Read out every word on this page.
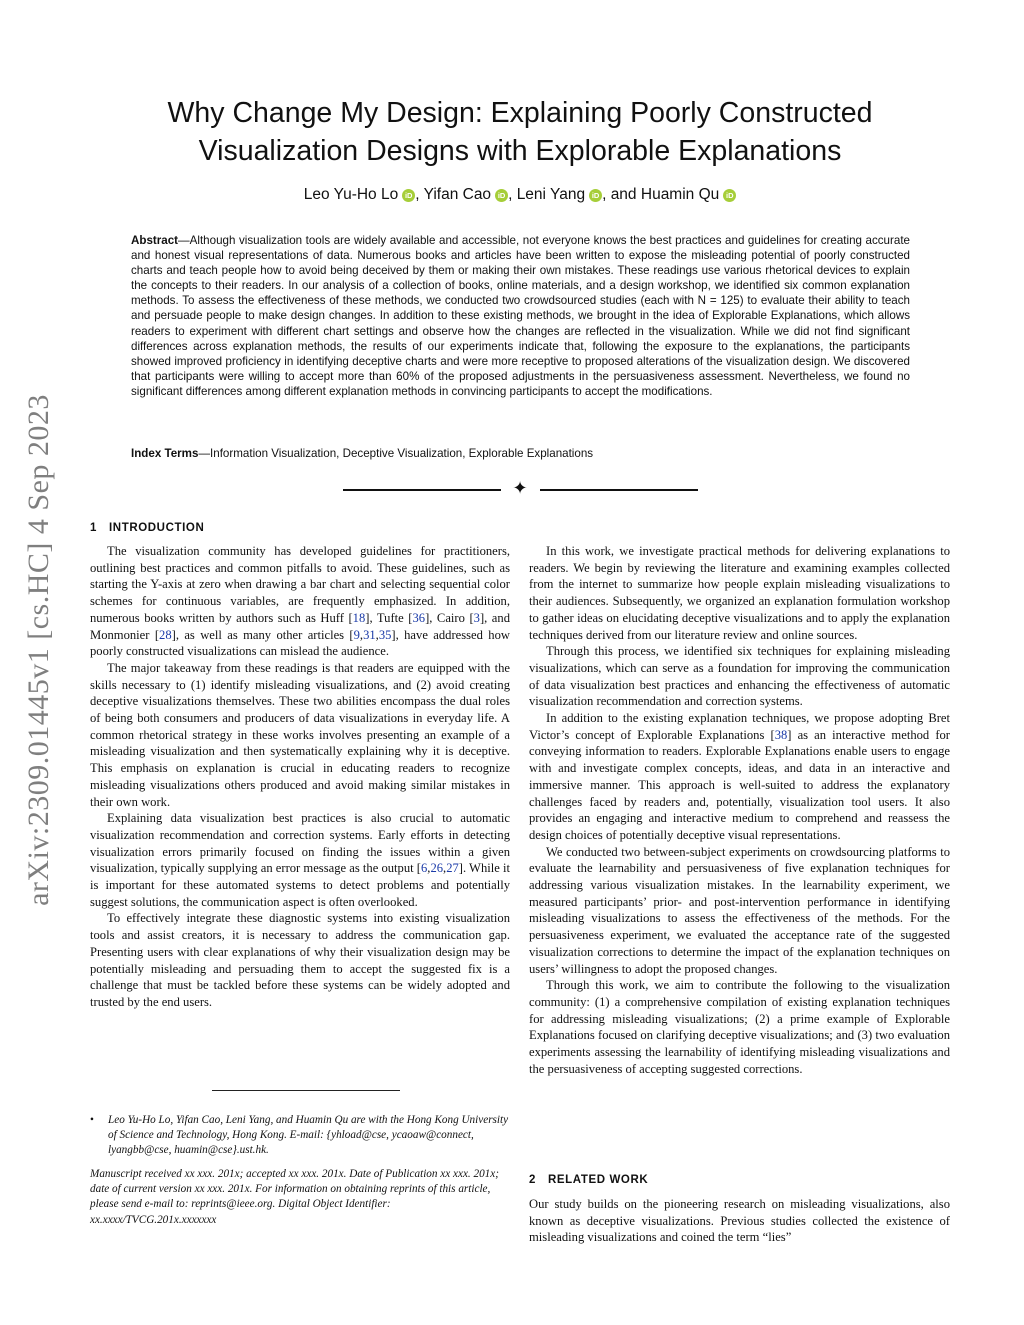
arXiv:2309.01445v1 [cs.HC] 4 Sep 2023
Why Change My Design: Explaining Poorly Constructed
Visualization Designs with Explorable Explanations
Leo Yu-Ho Lo iD , Yifan Cao iD , Leni Yang iD , and Huamin Qu iD
Abstract—Although visualization tools are widely available and accessible, not everyone knows the best practices and guidelines for creating accurate and honest visual representations of data. Numerous books and articles have been written to expose the misleading potential of poorly constructed charts and teach people how to avoid being deceived by them or making their own mistakes. These readings use various rhetorical devices to explain the concepts to their readers. In our analysis of a collection of books, online materials, and a design workshop, we identified six common explanation methods. To assess the effectiveness of these methods, we conducted two crowdsourced studies (each with N = 125) to evaluate their ability to teach and persuade people to make design changes. In addition to these existing methods, we brought in the idea of Explorable Explanations, which allows readers to experiment with different chart settings and observe how the changes are reflected in the visualization. While we did not find significant differences across explanation methods, the results of our experiments indicate that, following the exposure to the explanations, the participants showed improved proficiency in identifying deceptive charts and were more receptive to proposed alterations of the visualization design. We discovered that participants were willing to accept more than 60% of the proposed adjustments in the persuasiveness assessment. Nevertheless, we found no significant differences among different explanation methods in convincing participants to accept the modifications.
Index Terms—Information Visualization, Deceptive Visualization, Explorable Explanations
✦
1 INTRODUCTION

The visualization community has developed guidelines for practitioners, outlining best practices and common pitfalls to avoid. These guidelines, such as starting the Y-axis at zero when drawing a bar chart and selecting sequential color schemes for continuous variables, are frequently emphasized. In addition, numerous books written by authors such as Huff [18], Tufte [36], Cairo [3], and Monmonier [28], as well as many other articles [9,31,35], have addressed how poorly constructed visualizations can mislead the audience.

The major takeaway from these readings is that readers are equipped with the skills necessary to (1) identify misleading visualizations, and (2) avoid creating deceptive visualizations themselves. These two abilities encompass the dual roles of being both consumers and producers of data visualizations in everyday life. A common rhetorical strategy in these works involves presenting an example of a misleading visualization and then systematically explaining why it is deceptive. This emphasis on explanation is crucial in educating readers to recognize misleading visualizations others produced and avoid making similar mistakes in their own work.

Explaining data visualization best practices is also crucial to automatic visualization recommendation and correction systems. Early efforts in detecting visualization errors primarily focused on finding the issues within a given visualization, typically supplying an error message as the output [6,26,27]. While it is important for these automated systems to detect problems and potentially suggest solutions, the communication aspect is often overlooked.

To effectively integrate these diagnostic systems into existing visualization tools and assist creators, it is necessary to address the communication gap. Presenting users with clear explanations of why their visualization design may be potentially misleading and persuading them to accept the suggested fix is a challenge that must be tackled before these systems can be widely adopted and trusted by the end users.

• Leo Yu-Ho Lo, Yifan Cao, Leni Yang, and Huamin Qu are with the Hong Kong University of Science and Technology, Hong Kong. E-mail: {yhload@cse, ycaoaw@connect, lyangbb@cse, huamin@cse}.ust.hk.
Manuscript received xx xxx. 201x; accepted xx xxx. 201x. Date of Publication xx xxx. 201x; date of current version xx xxx. 201x. For information on obtaining reprints of this article, please send e-mail to: reprints@ieee.org. Digital Object Identifier: xx.xxxx/TVCG.201x.xxxxxxx

In this work, we investigate practical methods for delivering explanations to readers. We begin by reviewing the literature and examining examples collected from the internet to summarize how people explain misleading visualizations to their audiences. Subsequently, we organized an explanation formulation workshop to gather ideas on elucidating deceptive visualizations and to apply the explanation techniques derived from our literature review and online sources.

Through this process, we identified six techniques for explaining misleading visualizations, which can serve as a foundation for improving the communication of data visualization best practices and enhancing the effectiveness of automatic visualization recommendation and correction systems.

In addition to the existing explanation techniques, we propose adopting Bret Victor’s concept of Explorable Explanations [38] as an interactive method for conveying information to readers. Explorable Explanations enable users to engage with and investigate complex concepts, ideas, and data in an interactive and immersive manner. This approach is well-suited to address the explanatory challenges faced by readers and, potentially, visualization tool users. It also provides an engaging and interactive medium to comprehend and reassess the design choices of potentially deceptive visual representations.

We conducted two between-subject experiments on crowdsourcing platforms to evaluate the learnability and persuasiveness of five explanation techniques for addressing various visualization mistakes. In the learnability experiment, we measured participants’ prior- and post-intervention performance in identifying misleading visualizations to assess the effectiveness of the methods. For the persuasiveness experiment, we evaluated the acceptance rate of the suggested visualization corrections to determine the impact of the explanation techniques on users’ willingness to adopt the proposed changes.

Through this work, we aim to contribute the following to the visualization community: (1) a comprehensive compilation of existing explanation techniques for addressing misleading visualizations; (2) a prime example of Explorable Explanations focused on clarifying deceptive visualizations; and (3) two evaluation experiments assessing the learnability of identifying misleading visualizations and the persuasiveness of accepting suggested corrections.

2 RELATED WORK

Our study builds on the pioneering research on misleading visualizations, also known as deceptive visualizations. Previous studies collected the existence of misleading visualizations and coined the term “lies”
